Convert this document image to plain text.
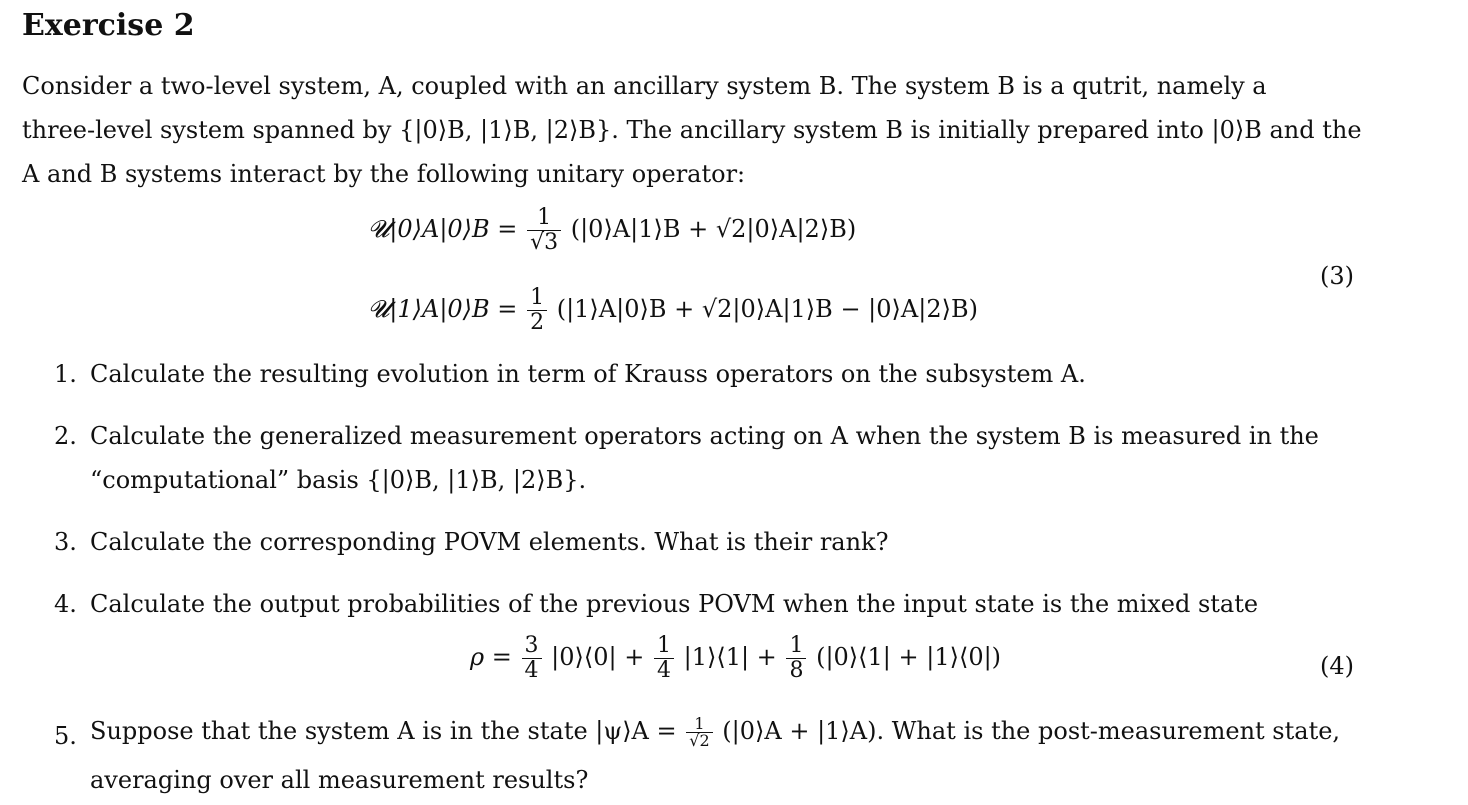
Exercise 2
Consider a two-level system, A, coupled with an ancillary system B. The system B is a qutrit, namely a
three-level system spanned by {|0⟩B, |1⟩B, |2⟩B}. The ancillary system B is initially prepared into |0⟩B and the
A and B systems interact by the following unitary operator:
𝓤|0⟩A|0⟩B = $\frac{1}{√3}$ (|0⟩A|1⟩B + √2|0⟩A|2⟩B)
𝓤|1⟩A|0⟩B = $\frac{1}{2}$ (|1⟩A|0⟩B + √2|0⟩A|1⟩B − |0⟩A|2⟩B)
(3)
1. Calculate the resulting evolution in term of Krauss operators on the subsystem A.
2. Calculate the generalized measurement operators acting on A when the system B is measured in the
“computational” basis {|0⟩B, |1⟩B, |2⟩B}.
3. Calculate the corresponding POVM elements. What is their rank?
4. Calculate the output probabilities of the previous POVM when the input state is the mixed state
$\rho = \frac{3}{4}$ |0⟩⟨0| + $\frac{1}{4}$ |1⟩⟨1| + $\frac{1}{8}$ (|0⟩⟨1| + |1⟩⟨0|)	(4)
5. Suppose that the system A is in the state |ψ⟩A = $\frac{1}{√2}$ (|0⟩A + |1⟩A). What is the post-measurement state,
averaging over all measurement results?
